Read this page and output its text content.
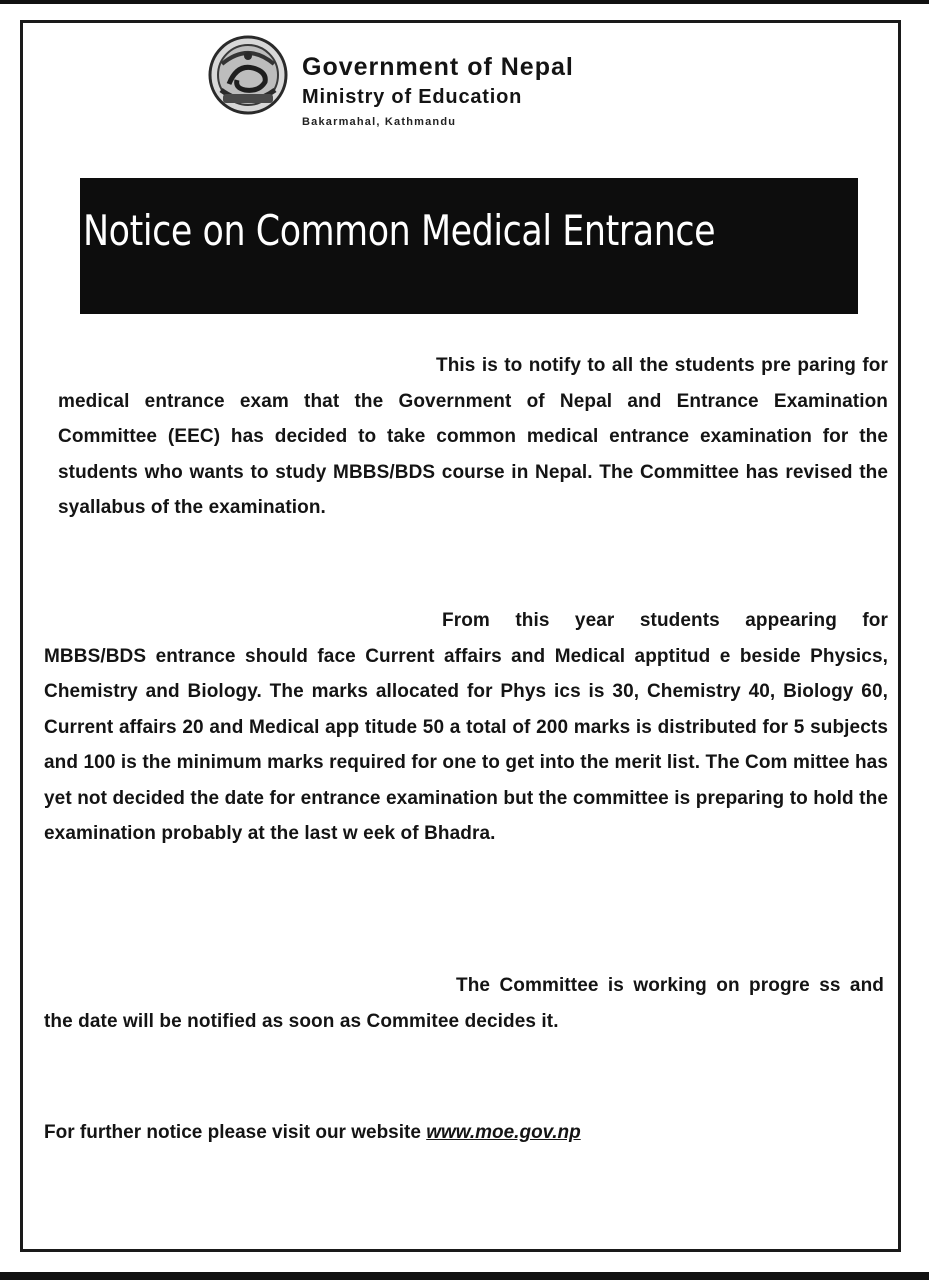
Government of Nepal

Ministry of Education

Bakarmahal, Kathmandu

Notice on Common Medical Entrance

This is to notify to all the students pre paring for medical entrance exam that the Government of Nepal and Entrance Examination Committee (EEC) has decided to take common medical entrance examination for the students who wants to study MBBS/BDS course in Nepal. The Committee has revised the syallabus of the examination.

From this year students appearing for MBBS/BDS entrance should face Current affairs and Medical apptitud e beside Physics, Chemistry and Biology. The marks allocated for Phys ics is 30, Chemistry 40, Biology 60, Current affairs 20 and Medical app titude 50 a total of 200 marks is distributed for 5 subjects and 100 is the minimum marks required for one to get into the merit list. The Com mittee has yet not decided the date for entrance examination but the committee is preparing to hold the examination probably at the last w eek of Bhadra.

The Committee is working on progre ss and the date will be notified as soon as Commitee decides it.

For further notice please visit our website www.moe.gov.np
